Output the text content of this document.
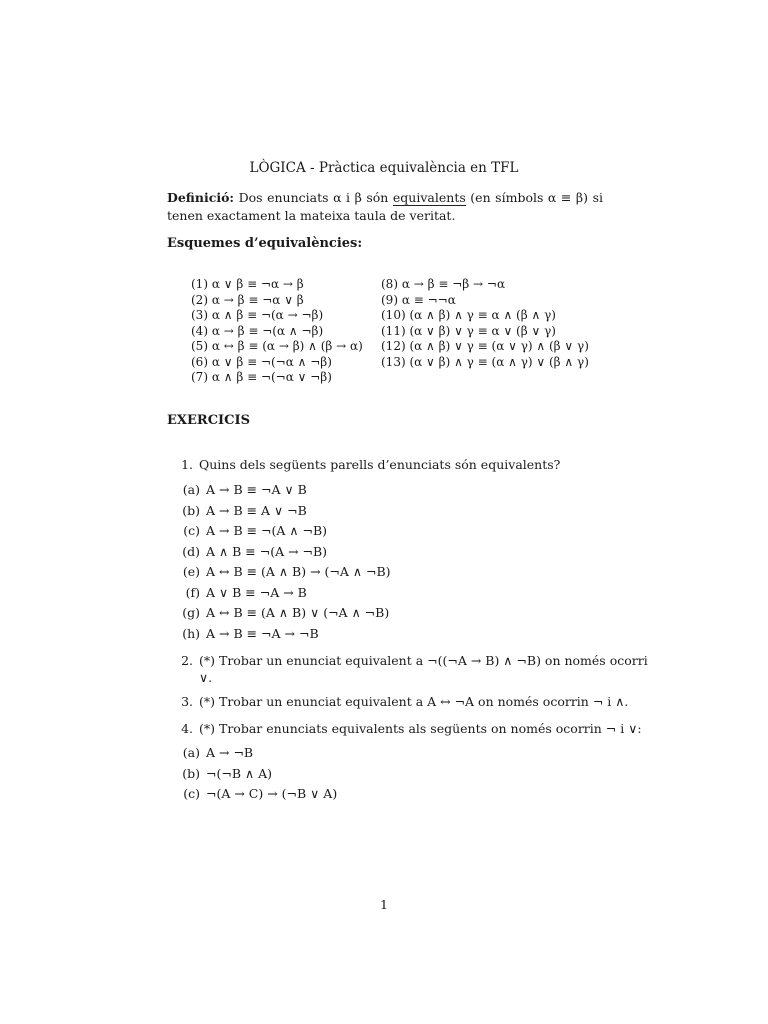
LÒGICA - Pràctica equivalència en TFL
Definició: Dos enunciats α i β són equivalents (en símbols α ≡ β) si tenen exactament la mateixa taula de veritat.
Esquemes d’equivalències:
(1) α ∨ β ≡ ¬α → β
(2) α → β ≡ ¬α ∨ β
(3) α ∧ β ≡ ¬(α → ¬β)
(4) α → β ≡ ¬(α ∧ ¬β)
(5) α ↔ β ≡ (α → β) ∧ (β → α)
(6) α ∨ β ≡ ¬(¬α ∧ ¬β)
(7) α ∧ β ≡ ¬(¬α ∨ ¬β)
(8) α → β ≡ ¬β → ¬α
(9) α ≡ ¬¬α
(10) (α ∧ β) ∧ γ ≡ α ∧ (β ∧ γ)
(11) (α ∨ β) ∨ γ ≡ α ∨ (β ∨ γ)
(12) (α ∧ β) ∨ γ ≡ (α ∨ γ) ∧ (β ∨ γ)
(13) (α ∨ β) ∧ γ ≡ (α ∧ γ) ∨ (β ∧ γ)
EXERCICIS
1. Quins dels següents parells d’enunciats són equivalents?
(a) A → B ≡ ¬A ∨ B
(b) A → B ≡ A ∨ ¬B
(c) A → B ≡ ¬(A ∧ ¬B)
(d) A ∧ B ≡ ¬(A → ¬B)
(e) A ↔ B ≡ (A ∧ B) → (¬A ∧ ¬B)
(f) A ∨ B ≡ ¬A → B
(g) A ↔ B ≡ (A ∧ B) ∨ (¬A ∧ ¬B)
(h) A → B ≡ ¬A → ¬B
2. (*) Trobar un enunciat equivalent a ¬((¬A → B) ∧ ¬B) on només ocorri
∨.
3. (*) Trobar un enunciat equivalent a A ↔ ¬A on només ocorrin ¬ i ∧.
4. (*) Trobar enunciats equivalents als següents on només ocorrin ¬ i ∨:
(a) A → ¬B
(b) ¬(¬B ∧ A)
(c) ¬(A → C) → (¬B ∨ A)
1
